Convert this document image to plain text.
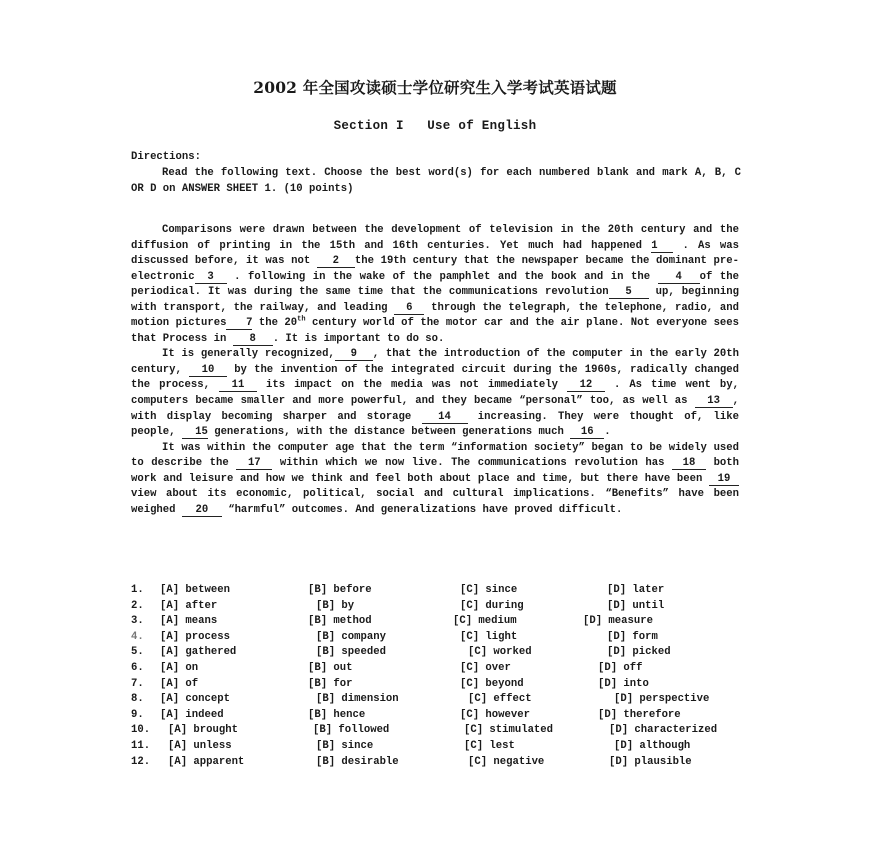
2002 年全国攻读硕士学位研究生入学考试英语试题
Section I   Use of English
Directions:
Read the following text. Choose the best word(s) for each numbered blank and mark A, B, C OR D on ANSWER SHEET 1. (10 points)

Comparisons were drawn between the development of television in the 20th century and the diffusion of printing in the 15th and 16th centuries. Yet much had happened 1 . As was discussed before, it was not 2 the 19th century that the newspaper became the dominant pre-electronic 3 . following in the wake of the pamphlet and the book and in the 4 of the periodical. It was during the same time that the communications revolution 5 up, beginning with transport, the railway, and leading 6 through the telegraph, the telephone, radio, and motion pictures 7 the 20th century world of the motor car and the air plane. Not everyone sees that Process in 8 . It is important to do so.

It is generally recognized, 9 , that the introduction of the computer in the early 20th century, 10 by the invention of the integrated circuit during the 1960s, radically changed the process, 11 its impact on the media was not immediately 12 . As time went by, computers became smaller and more powerful, and they became “personal” too, as well as 13 , with display becoming sharper and storage 14 increasing. They were thought of, like people, 15 generations, with the distance between generations much 16 .

It was within the computer age that the term “information society” began to be widely used to describe the 17 within which we now live. The communications revolution has 18 both work and leisure and how we think and feel both about place and time, but there have been 19 view about its economic, political, social and cultural implications. “Benefits” have been weighed 20 “harmful” outcomes. And generalizations have proved difficult.

1. [A] between	[B] before	[C] since	[D] later
2. [A] after	[B] by	[C] during	[D] until
3. [A] means	[B] method	[C] medium	[D] measure
4. [A] process	[B] company	[C] light	[D] form
5. [A] gathered	[B] speeded	[C] worked	[D] picked
6. [A] on	[B] out	[C] over	[D] off
7. [A] of	[B] for	[C] beyond	[D] into
8. [A] concept	[B] dimension	[C] effect	[D] perspective
9. [A] indeed	[B] hence	[C] however	[D] therefore
10. [A] brought	[B] followed	[C] stimulated	[D] characterized
11. [A] unless	[B] since	[C] lest	[D] although
12. [A] apparent	[B] desirable	[C] negative	[D] plausible
